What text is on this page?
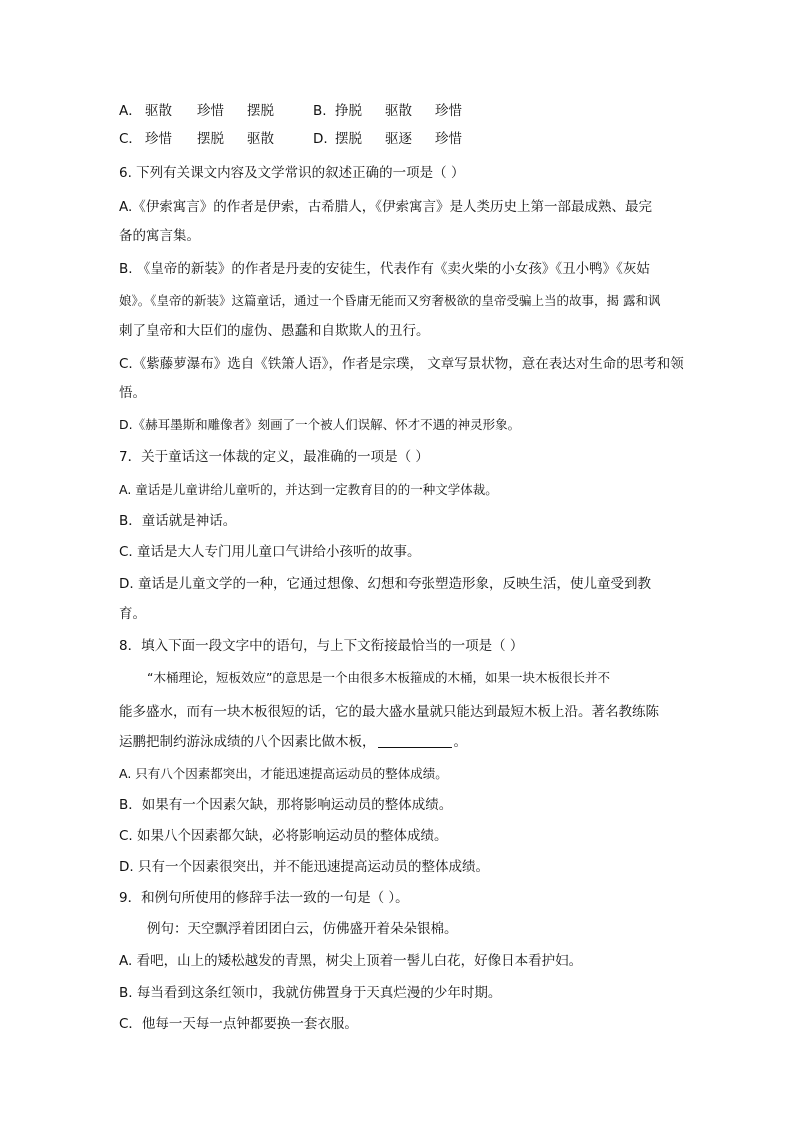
A． 驱散 珍惜 摆脱	B. 挣脱 驱散 珍惜
C． 珍惜 摆脱 驱散	D. 摆脱 驱逐 珍惜
6. 下列有关课文内容及文学常识的叙述正确的一项是（ ）
A.《伊索寓言》的作者是伊索，古希腊人，《伊索寓言》是人类历史上第一部最成熟、最完
备的寓言集。
B. 《皇帝的新装》的作者是丹麦的安徒生，代表作有《卖火柴的小女孩》《丑小鸭》《灰姑
娘》。《皇帝的新装》这篇童话，通过一个昏庸无能而又穷奢极欲的皇帝受骗上当的故事，揭 露和讽
刺了皇帝和大臣们的虚伪、愚蠢和自欺欺人的丑行。
C.《紫藤萝瀑布》选自《铁箫人语》，作者是宗璞， 文章写景状物，意在表达对生命的思考和领
悟。
D.《赫耳墨斯和雕像者》刻画了一个被人们误解、怀才不遇的神灵形象。
7．关于童话这一体裁的定义，最准确的一项是（ ）
A. 童话是儿童讲给儿童听的，并达到一定教育目的的一种文学体裁。
B．童话就是神话。
C. 童话是大人专门用儿童口气讲给小孩听的故事。
D. 童话是儿童文学的一种，它通过想像、幻想和夸张塑造形象，反映生活，使儿童受到教
育。
8．填入下面一段文字中的语句，与上下文衔接最恰当的一项是（ ）
“木桶理论，短板效应”的意思是一个由很多木板箍成的木桶，如果一块木板很长并不
能多盛水，而有一块木板很短的话，它的最大盛水量就只能达到最短木板上沿。著名教练陈
运鹏把制约游泳成绩的八个因素比做木板，	。
A. 只有八个因素都突出，才能迅速提高运动员的整体成绩。
B．如果有一个因素欠缺，那将影响运动员的整体成绩。
C. 如果八个因素都欠缺，必将影响运动员的整体成绩。
D. 只有一个因素很突出，并不能迅速提高运动员的整体成绩。
9．和例句所使用的修辞手法一致的一句是（ ）。
例句：天空飘浮着团团白云，仿佛盛开着朵朵银棉。
A. 看吧，山上的矮松越发的青黑，树尖上顶着一髻儿白花，好像日本看护妇。
B. 每当看到这条红领巾，我就仿佛置身于天真烂漫的少年时期。
C．他每一天每一点钟都要换一套衣服。
